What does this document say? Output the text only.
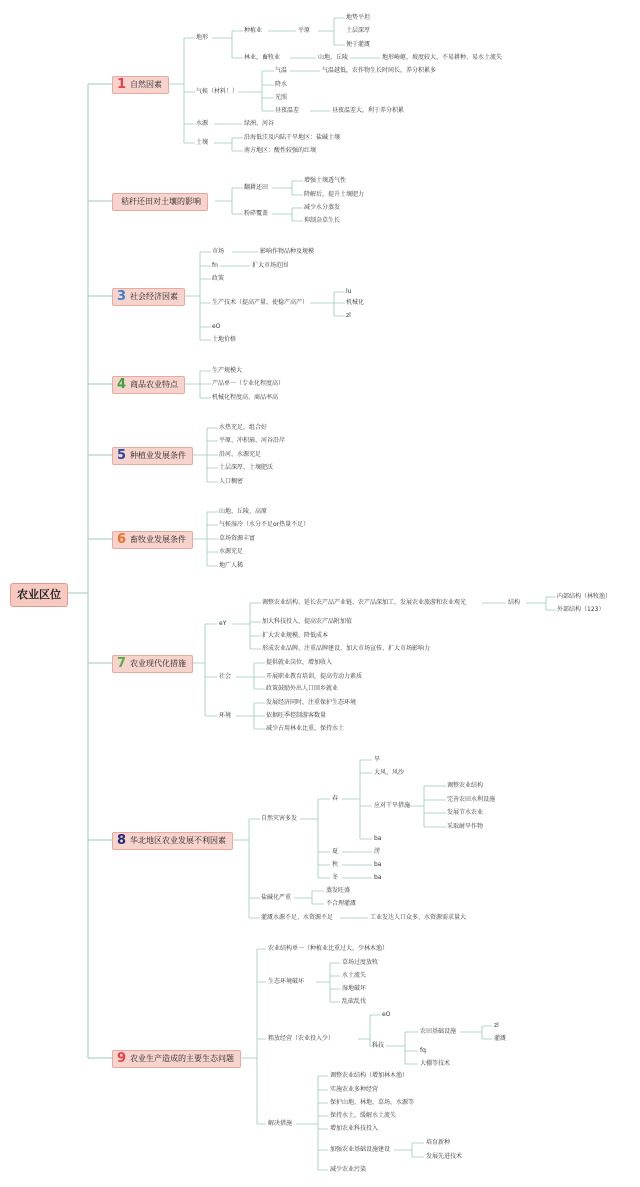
农业区位
1 自然因素
秸秆还田对土壤的影响
3 社会经济因素
4 商品农业特点
5 种植业发展条件
6 畜牧业发展条件
7 农业现代化措施
8 华北地区农业发展不利因素
9 农业生产造成的主要生态问题
地形
种植业	平原
地势平坦
土层深厚
便于灌溉
林业，畜牧业	山地、丘陵	地形崎岖、坡度较大、不易耕种、易水土流失
气候（材料！）
气温	气温越低，农作物生长时间长，养分积累多
降水
光照
昼夜温差	昼夜温差大，利于养分积累
水源	绿洲、河谷
土壤
沿海低洼及内陆干旱地区：盐碱土壤
南方地区：酸性较强的红壤
翻耕还田
增强土壤透气性
降解后，提升土壤肥力
粉碎覆盖
减少水分蒸发
抑制杂草生长
市场	影响作物品种及规模
fn	扩大市场范围
政策
生产技术（提高产量、使稳产高产）
lu
机械化
zl
eO
土地价格
生产规模大
产品单一（专业化程度高）
机械化程度高、商品率高
水热充足，组合好
平原、冲积扇、河谷沿岸
沿河、水源充足
土层深厚、土壤肥沃
人口稠密
山地、丘陵、高原
气候湿冷（水分不足or热量不足）
草场资源丰富
水源充足
地广人稀
eY
调整农业结构、延长农产品产业链、农产品深加工、发展农业旅游和农业观光	结构
内部结构（林牧渔）
外部结构（123）
加大科技投入、提高农产品附加值
扩大农业规模、降低成本
形成农业品牌、注重品牌建设、加大市场宣传、扩大市场影响力
社会
提供就业岗位，增加收入
开展职业教育培训，提高劳动力素质
政策鼓励外出人口回乡就业
环境
发展经济同时，注重保护生态环境
依据旺季控制游客数量
减少占用林业比重，保持水土
自然灾害多发
春
旱
大风、风沙
应对干旱措施
调整农业结构
完善农田水利设施
发展节水农业
采取耐旱作物
ba
夏	涝
秋	ba
冬	ba
盐碱化严重
蒸发旺盛
不合理灌溉
灌溉水源不足、水资源不足	工业发达人口众多、水资源需求量大
农业结构单一（种植业比重过大，少林木渔）
生态环境破坏
草场过度放牧
水土流失
湿地破坏
乱砍乱伐
粗放经营（农业投入少）
eO
科技
农田基础设施
zl
灌溉
fq
大棚等技术
解决措施
调整农业结构（增加林木渔）
实施农业多种经营
保护山地、林地、草场、水源等
保持水土，缓解水土流失
增加农业科技投入
加强农业基础设施建设
培育新种
发展先进技术
减少农业污染
